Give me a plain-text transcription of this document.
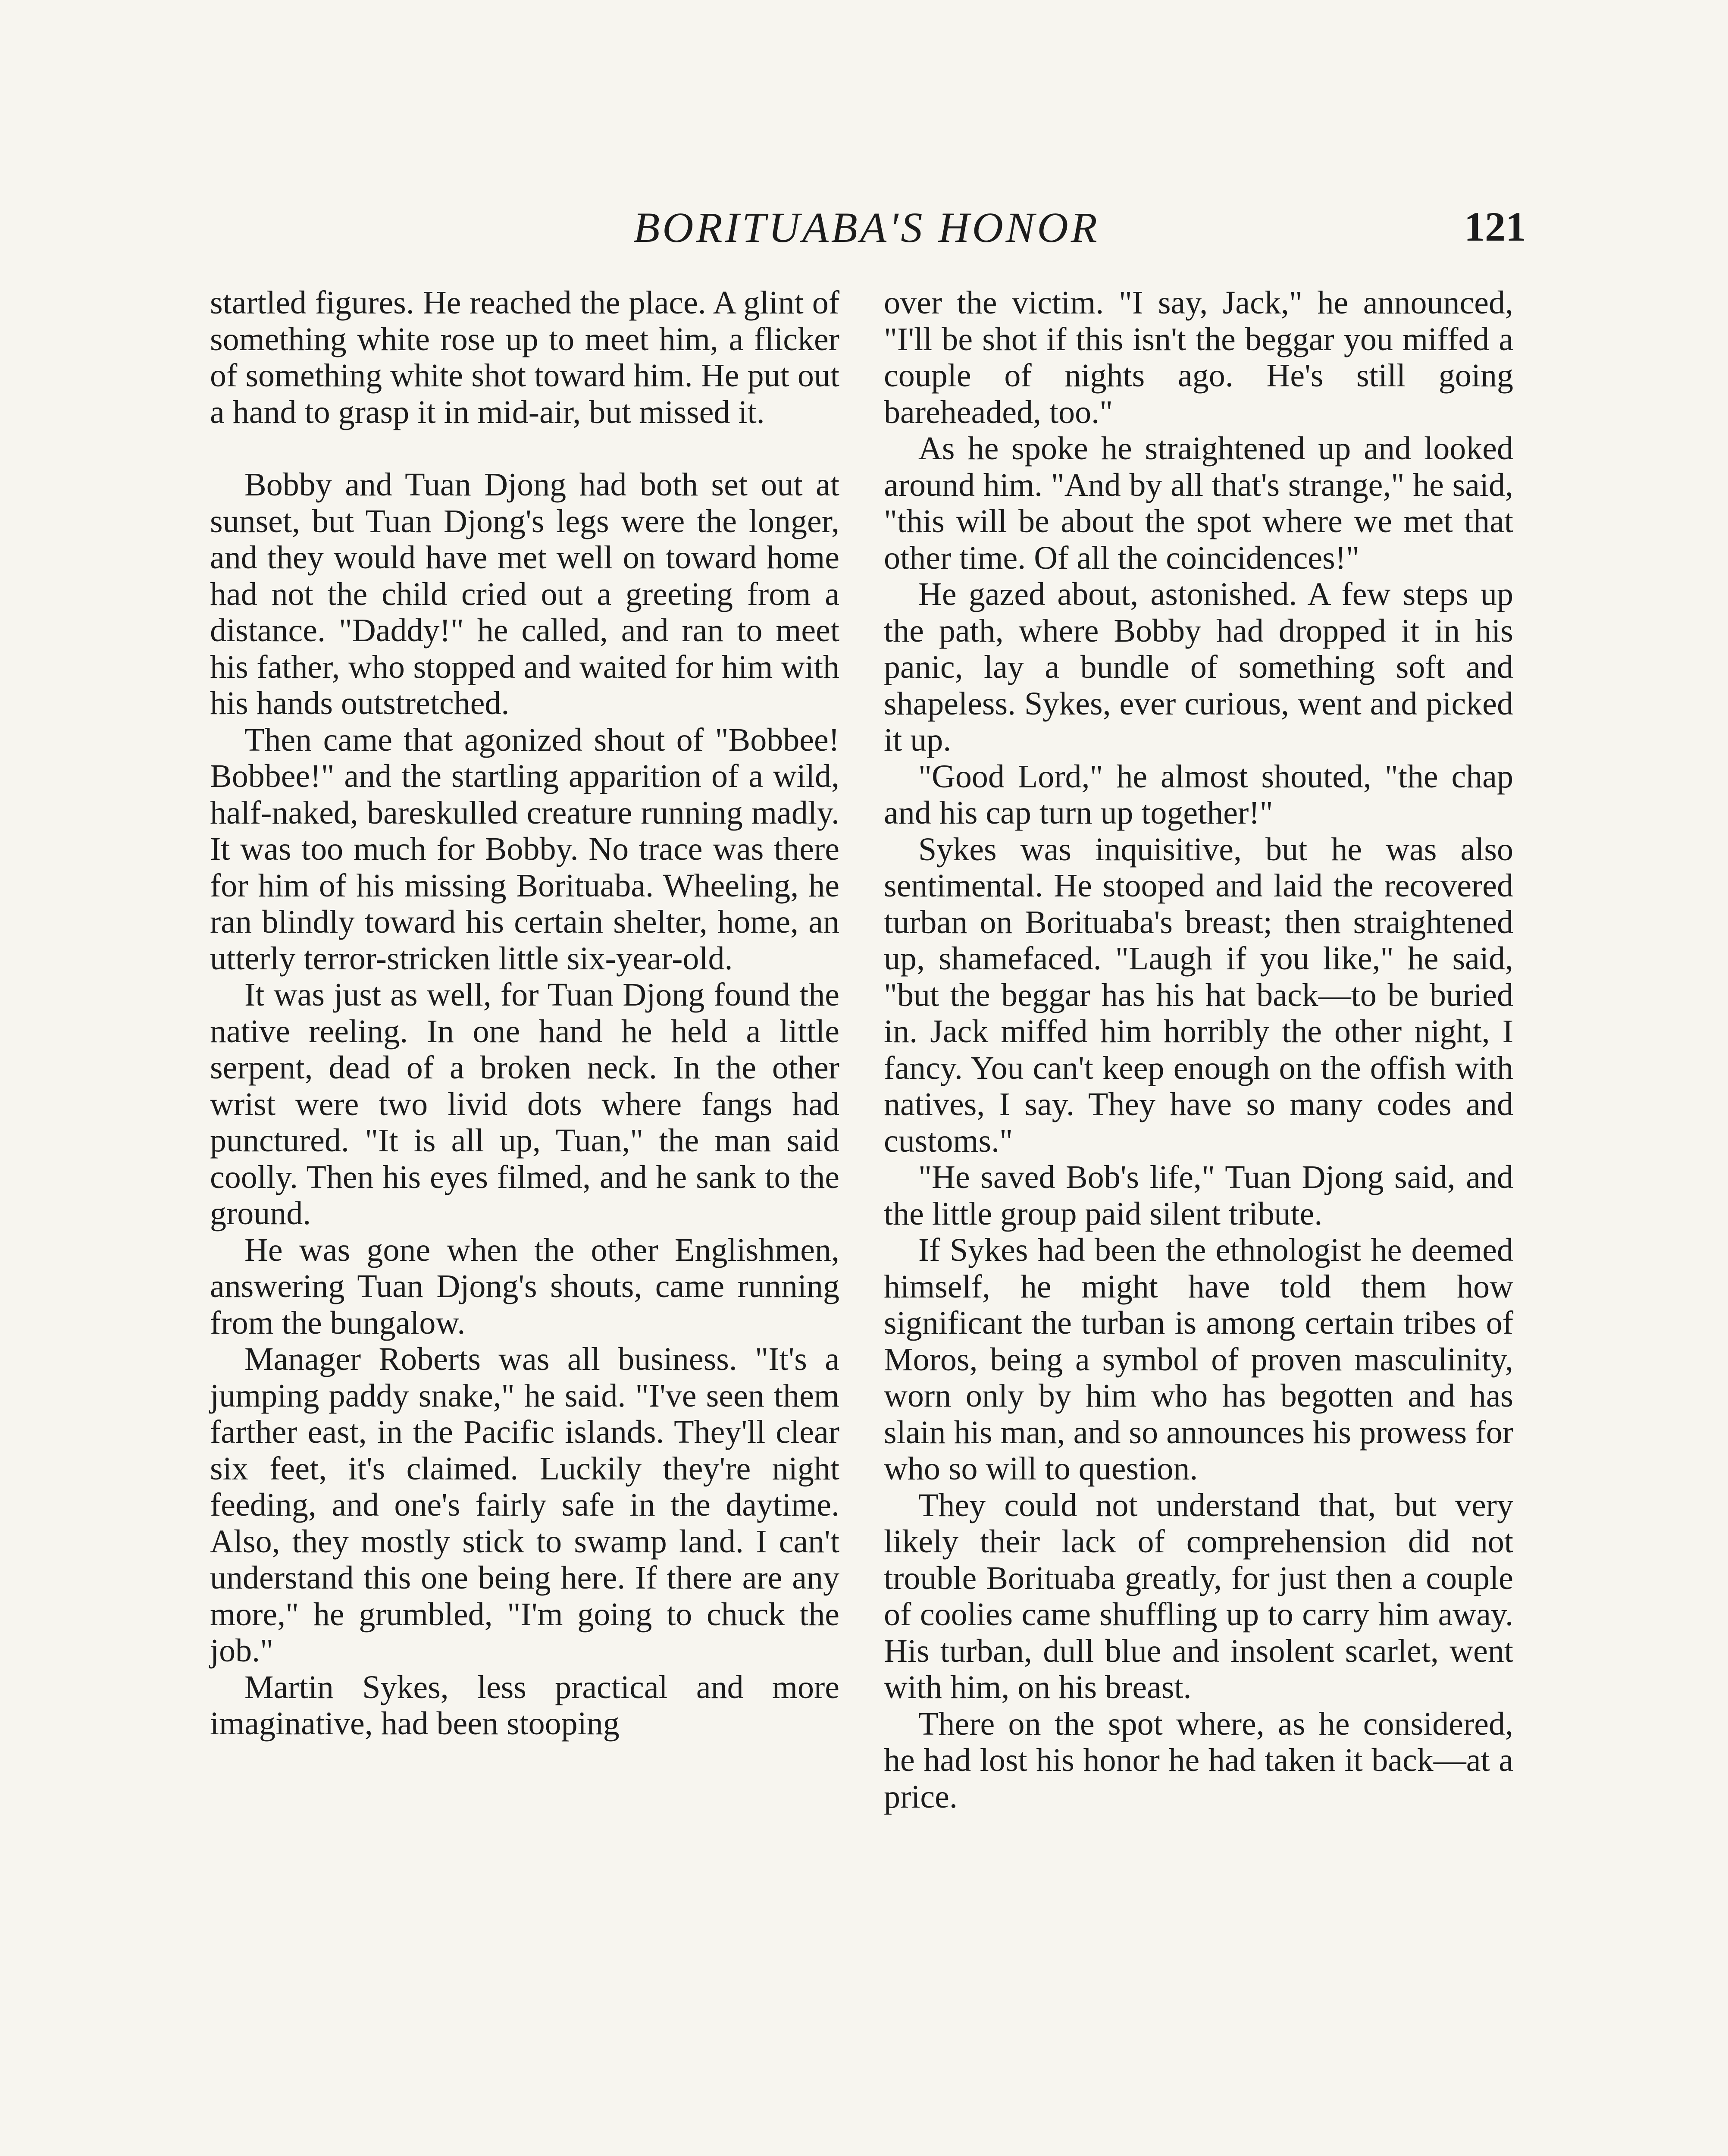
BORITUABA'S HONOR	121

startled figures. He reached the place. A glint of something white rose up to meet him, a flicker of something white shot toward him. He put out a hand to grasp it in mid-air, but missed it.

Bobby and Tuan Djong had both set out at sunset, but Tuan Djong's legs were the longer, and they would have met well on toward home had not the child cried out a greeting from a distance. "Daddy!" he called, and ran to meet his father, who stopped and waited for him with his hands outstretched.

Then came that agonized shout of "Bobbee! Bobbee!" and the startling apparition of a wild, half-naked, bareskulled creature running madly. It was too much for Bobby. No trace was there for him of his missing Borituaba. Wheeling, he ran blindly toward his certain shelter, home, an utterly terror-stricken little six-year-old.

It was just as well, for Tuan Djong found the native reeling. In one hand he held a little serpent, dead of a broken neck. In the other wrist were two livid dots where fangs had punctured. "It is all up, Tuan," the man said coolly. Then his eyes filmed, and he sank to the ground.

He was gone when the other Englishmen, answering Tuan Djong's shouts, came running from the bungalow.

Manager Roberts was all business. "It's a jumping paddy snake," he said. "I've seen them farther east, in the Pacific islands. They'll clear six feet, it's claimed. Luckily they're night feeding, and one's fairly safe in the daytime. Also, they mostly stick to swamp land. I can't understand this one being here. If there are any more," he grumbled, "I'm going to chuck the job."

Martin Sykes, less practical and more imaginative, had been stooping

over the victim. "I say, Jack," he announced, "I'll be shot if this isn't the beggar you miffed a couple of nights ago. He's still going bareheaded, too."

As he spoke he straightened up and looked around him. "And by all that's strange," he said, "this will be about the spot where we met that other time. Of all the coincidences!"

He gazed about, astonished. A few steps up the path, where Bobby had dropped it in his panic, lay a bundle of something soft and shapeless. Sykes, ever curious, went and picked it up.

"Good Lord," he almost shouted, "the chap and his cap turn up together!"

Sykes was inquisitive, but he was also sentimental. He stooped and laid the recovered turban on Borituaba's breast; then straightened up, shamefaced. "Laugh if you like," he said, "but the beggar has his hat back—to be buried in. Jack miffed him horribly the other night, I fancy. You can't keep enough on the offish with natives, I say. They have so many codes and customs."

"He saved Bob's life," Tuan Djong said, and the little group paid silent tribute.

If Sykes had been the ethnologist he deemed himself, he might have told them how significant the turban is among certain tribes of Moros, being a symbol of proven masculinity, worn only by him who has begotten and has slain his man, and so announces his prowess for who so will to question.

They could not understand that, but very likely their lack of comprehension did not trouble Borituaba greatly, for just then a couple of coolies came shuffling up to carry him away. His turban, dull blue and insolent scarlet, went with him, on his breast.

There on the spot where, as he considered, he had lost his honor he had taken it back—at a price.
